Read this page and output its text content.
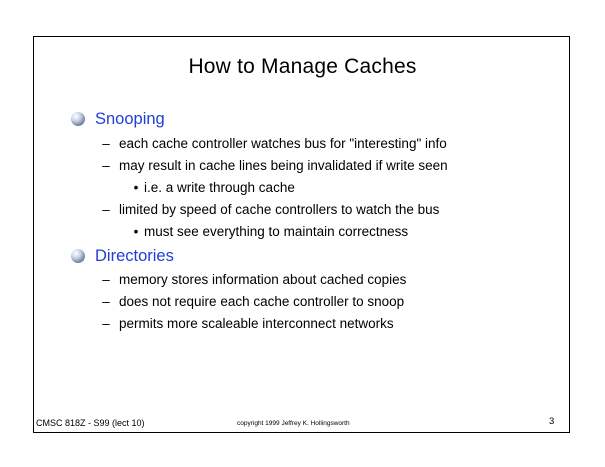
How to Manage Caches
Snooping
– each cache controller watches bus for "interesting" info
– may result in cache lines being invalidated if write seen
• i.e. a write through cache
– limited by speed of cache controllers to watch the bus
• must see everything to maintain correctness
Directories
– memory stores information about cached copies
– does not require each cache controller to snoop
– permits more scaleable interconnect networks
CMSC 818Z - S99 (lect 10)	copyright 1999 Jeffrey K. Hollingsworth	3
